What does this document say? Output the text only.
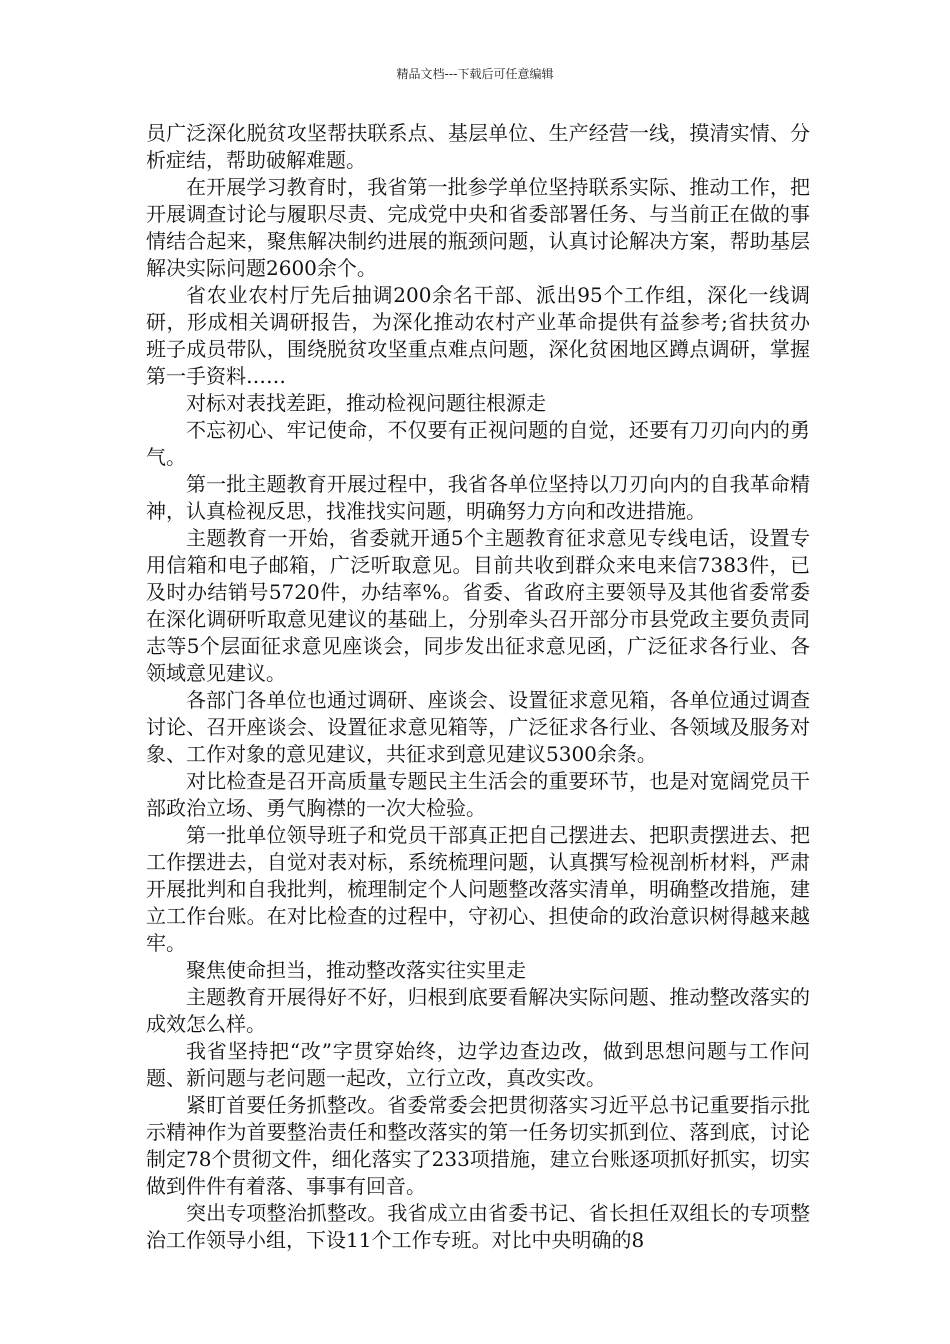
精品文档---下载后可任意编辑

员广泛深化脱贫攻坚帮扶联系点、基层单位、生产经营一线，摸清实情、分析症结，帮助破解难题。

在开展学习教育时，我省第一批参学单位坚持联系实际、推动工作，把开展调查讨论与履职尽责、完成党中央和省委部署任务、与当前正在做的事情结合起来，聚焦解决制约进展的瓶颈问题，认真讨论解决方案，帮助基层解决实际问题2600余个。

省农业农村厅先后抽调200余名干部、派出95个工作组，深化一线调研，形成相关调研报告，为深化推动农村产业革命提供有益参考;省扶贫办班子成员带队，围绕脱贫攻坚重点难点问题，深化贫困地区蹲点调研，掌握第一手资料……

对标对表找差距，推动检视问题往根源走

不忘初心、牢记使命，不仅要有正视问题的自觉，还要有刀刃向内的勇气。

第一批主题教育开展过程中，我省各单位坚持以刀刃向内的自我革命精神，认真检视反思，找准找实问题，明确努力方向和改进措施。

主题教育一开始，省委就开通5个主题教育征求意见专线电话，设置专用信箱和电子邮箱，广泛听取意见。目前共收到群众来电来信7383件，已及时办结销号5720件，办结率%。省委、省政府主要领导及其他省委常委在深化调研听取意见建议的基础上，分别牵头召开部分市县党政主要负责同志等5个层面征求意见座谈会，同步发出征求意见函，广泛征求各行业、各领域意见建议。

各部门各单位也通过调研、座谈会、设置征求意见箱，各单位通过调查讨论、召开座谈会、设置征求意见箱等，广泛征求各行业、各领域及服务对象、工作对象的意见建议，共征求到意见建议5300余条。

对比检查是召开高质量专题民主生活会的重要环节，也是对宽阔党员干部政治立场、勇气胸襟的一次大检验。

第一批单位领导班子和党员干部真正把自己摆进去、把职责摆进去、把工作摆进去，自觉对表对标，系统梳理问题，认真撰写检视剖析材料，严肃开展批判和自我批判，梳理制定个人问题整改落实清单，明确整改措施，建立工作台账。在对比检查的过程中，守初心、担使命的政治意识树得越来越牢。

聚焦使命担当，推动整改落实往实里走

主题教育开展得好不好，归根到底要看解决实际问题、推动整改落实的成效怎么样。

我省坚持把“改”字贯穿始终，边学边查边改，做到思想问题与工作问题、新问题与老问题一起改，立行立改，真改实改。

紧盯首要任务抓整改。省委常委会把贯彻落实习近平总书记重要指示批示精神作为首要整治责任和整改落实的第一任务切实抓到位、落到底，讨论制定78个贯彻文件，细化落实了233项措施，建立台账逐项抓好抓实，切实做到件件有着落、事事有回音。

突出专项整治抓整改。我省成立由省委书记、省长担任双组长的专项整治工作领导小组，下设11个工作专班。对比中央明确的8
